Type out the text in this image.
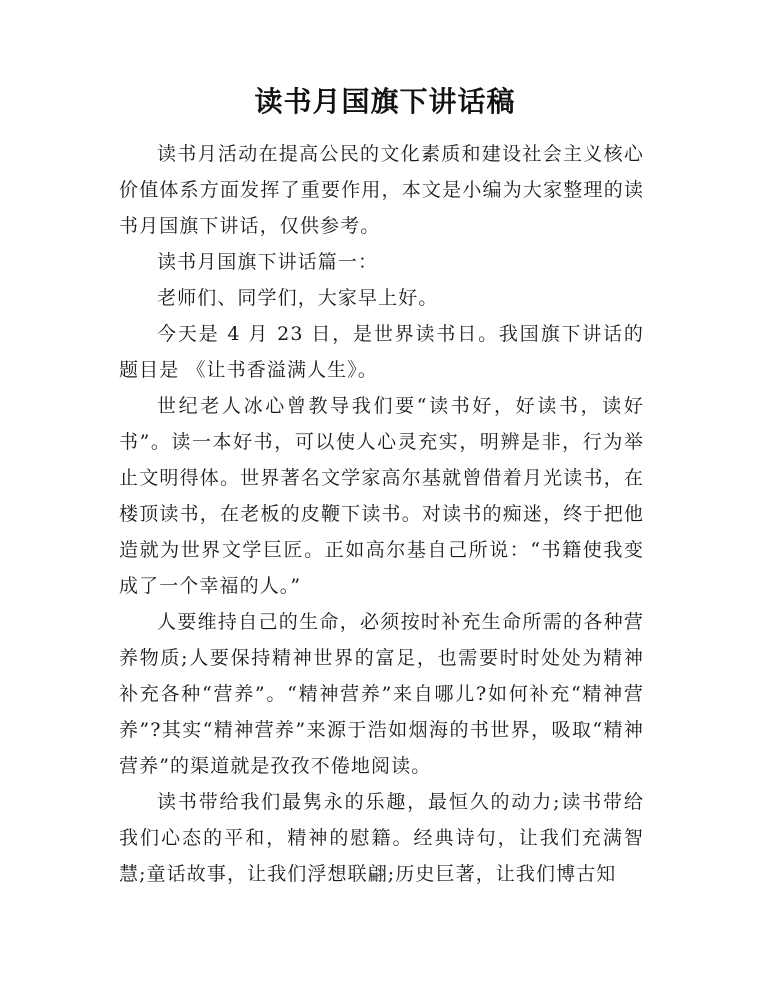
读书月国旗下讲话稿

读书月活动在提高公民的文化素质和建设社会主义核心价值体系方面发挥了重要作用，本文是小编为大家整理的读书月国旗下讲话，仅供参考。

读书月国旗下讲话篇一：

老师们、同学们，大家早上好。

今天是 4 月 23 日，是世界读书日。我国旗下讲话的题目是 《让书香溢满人生》。

世纪老人冰心曾教导我们要“读书好，好读书，读好书”。读一本好书，可以使人心灵充实，明辨是非，行为举止文明得体。世界著名文学家高尔基就曾借着月光读书，在楼顶读书，在老板的皮鞭下读书。对读书的痴迷，终于把他造就为世界文学巨匠。正如高尔基自己所说：“书籍使我变成了一个幸福的人。”

人要维持自己的生命，必须按时补充生命所需的各种营养物质;人要保持精神世界的富足，也需要时时处处为精神补充各种“营养”。“精神营养”来自哪儿?如何补充“精神营养”?其实“精神营养”来源于浩如烟海的书世界，吸取“精神营养”的渠道就是孜孜不倦地阅读。

读书带给我们最隽永的乐趣，最恒久的动力;读书带给我们心态的平和，精神的慰籍。经典诗句，让我们充满智慧;童话故事，让我们浮想联翩;历史巨著，让我们博古知
